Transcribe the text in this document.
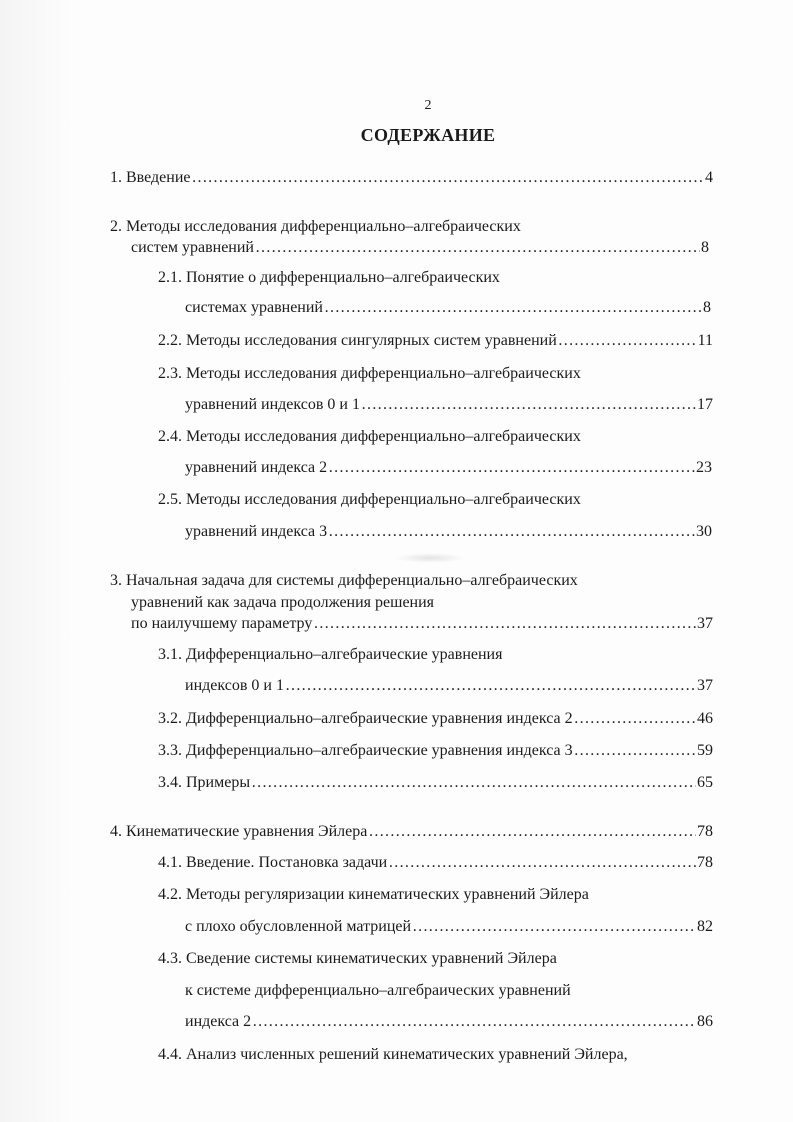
2
СОДЕРЖАНИЕ
1. Введение …………………………………………………………………………………………………………………………………………………………………	4
2. Методы исследования дифференциально–алгебраических
систем уравнений …………………………………………………………………………………………………………………………………………………………………	8
2.1. Понятие о дифференциально–алгебраических
системах уравнений …………………………………………………………………………………………………………………………………………………………………	8
2.2. Методы исследования сингулярных систем уравнений …………………………………………………………………………………………………………………………………………………………………	11
2.3. Методы исследования дифференциально–алгебраических
уравнений индексов 0 и 1 …………………………………………………………………………………………………………………………………………………………………	17
2.4. Методы исследования дифференциально–алгебраических
уравнений индекса 2 …………………………………………………………………………………………………………………………………………………………………	23
2.5. Методы исследования дифференциально–алгебраических
уравнений индекса 3 …………………………………………………………………………………………………………………………………………………………………	30
3. Начальная задача для системы дифференциально–алгебраических
уравнений как задача продолжения решения
по наилучшему параметру …………………………………………………………………………………………………………………………………………………………………	37
3.1. Дифференциально–алгебраические уравнения
индексов 0 и 1 …………………………………………………………………………………………………………………………………………………………………	37
3.2. Дифференциально–алгебраические уравнения индекса 2 …………………………………………………………………………………………………………………………………………………………………	46
3.3. Дифференциально–алгебраические уравнения индекса 3 …………………………………………………………………………………………………………………………………………………………………	59
3.4. Примеры …………………………………………………………………………………………………………………………………………………………………	65
4. Кинематические уравнения Эйлера …………………………………………………………………………………………………………………………………………………………………	78
4.1. Введение. Постановка задачи …………………………………………………………………………………………………………………………………………………………………	78
4.2. Методы регуляризации кинематических уравнений Эйлера
с плохо обусловленной матрицей …………………………………………………………………………………………………………………………………………………………………	82
4.3. Сведение системы кинематических уравнений Эйлера
к системе дифференциально–алгебраических уравнений
индекса 2 …………………………………………………………………………………………………………………………………………………………………	86
4.4. Анализ численных решений кинематических уравнений Эйлера,
